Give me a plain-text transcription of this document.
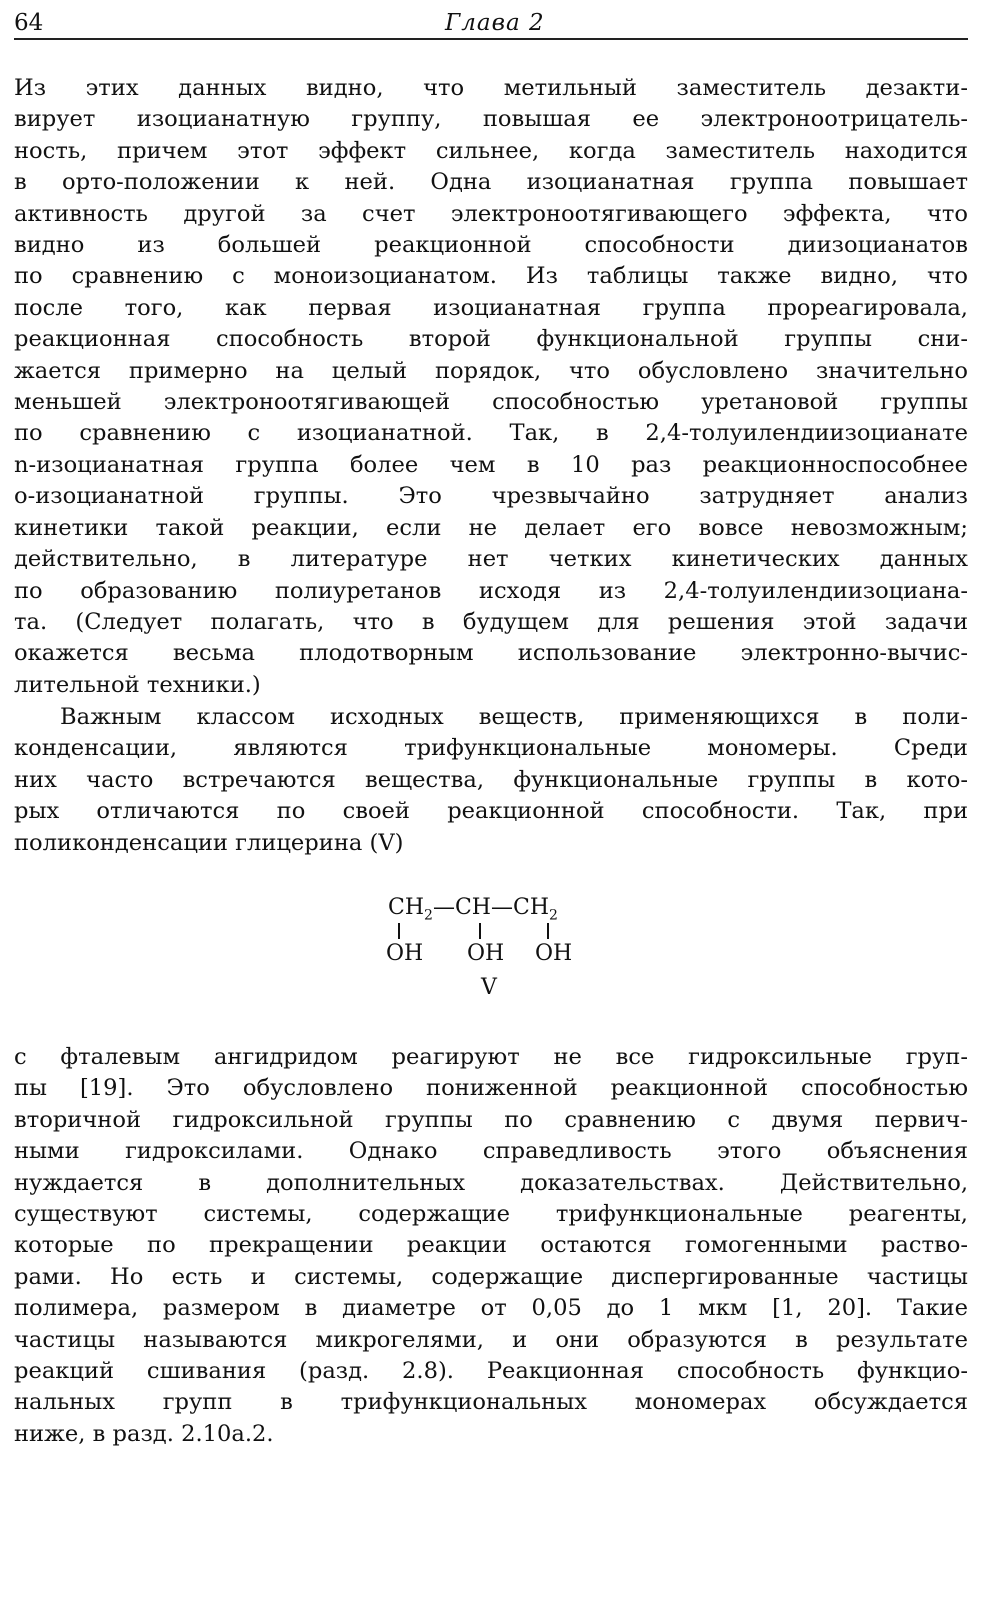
64	Глава 2
Из этих данных видно, что метильный заместитель дезакти-
вирует изоцианатную группу, повышая ее электроноотрицатель-
ность, причем этот эффект сильнее, когда заместитель находится
в орто-положении к ней. Одна изоцианатная группа повышает
активность другой за счет электроноотягивающего эффекта, что
видно из большей реакционной способности диизоцианатов
по сравнению с моноизоцианатом. Из таблицы также видно, что
после того, как первая изоцианатная группа прореагировала,
реакционная способность второй функциональной группы сни-
жается примерно на целый порядок, что обусловлено значительно
меньшей электроноотягивающей способностью уретановой группы
по сравнению с изоцианатной. Так, в 2,4-толуилендиизоцианате
n-изоцианатная группа более чем в 10 раз реакционноспособнее
о-изоцианатной группы. Это чрезвычайно затрудняет анализ
кинетики такой реакции, если не делает его вовсе невозможным;
действительно, в литературе нет четких кинетических данных
по образованию полиуретанов исходя из 2,4-толуилендиизоциана-
та. (Следует полагать, что в будущем для решения этой задачи
окажется весьма плодотворным использование электронно-вычис-
лительной техники.)
Важным классом исходных веществ, применяющихся в поли-
конденсации, являются трифункциональные мономеры. Среди
них часто встречаются вещества, функциональные группы в кото-
рых отличаются по своей реакционной способности. Так, при
поликонденсации глицерина (V)
$CH_2—CH—CH_2$
OH OH OH
V
с фталевым ангидридом реагируют не все гидроксильные груп-
пы [19]. Это обусловлено пониженной реакционной способностью
вторичной гидроксильной группы по сравнению с двумя первич-
ными гидроксилами. Однако справедливость этого объяснения
нуждается в дополнительных доказательствах. Действительно,
существуют системы, содержащие трифункциональные реагенты,
которые по прекращении реакции остаются гомогенными раство-
рами. Но есть и системы, содержащие диспергированные частицы
полимера, размером в диаметре от 0,05 до 1 мкм [1, 20]. Такие
частицы называются микрогелями, и они образуются в результате
реакций сшивания (разд. 2.8). Реакционная способность функцио-
нальных групп в трифункциональных мономерах обсуждается
ниже, в разд. 2.10а.2.
